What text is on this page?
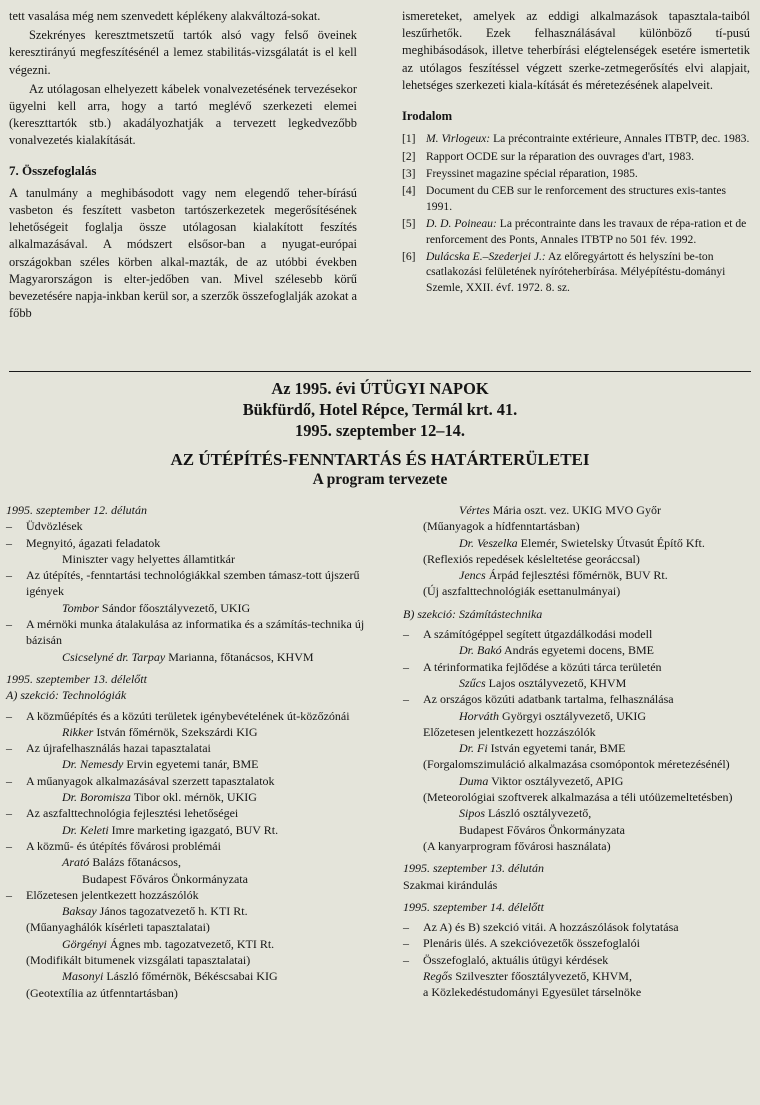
tett vasalása még nem szenvedett képlékeny alakváltozá-sokat.

Szekrényes keresztmetszetű tartók alsó vagy felső öveinek keresztirányú megfeszítésénél a lemez stabilitás-vizsgálatát is el kell végezni.

Az utólagosan elhelyezett kábelek vonalvezetésének tervezésekor ügyelni kell arra, hogy a tartó meglévő szerkezeti elemei (kereszttartók stb.) akadályozhatják a tervezett legkedvezőbb vonalvezetés kialakítását.

7. Összefoglalás

A tanulmány a meghibásodott vagy nem elegendő teher-bírású vasbeton és feszített vasbeton tartószerkezetek megerősítésének lehetőségeit foglalja össze utólagosan kialakított feszítés alkalmazásával. A módszert elsősor-ban a nyugat-európai országokban széles körben alkal-mazták, de az utóbbi években Magyarországon is elter-jedőben van. Mivel szélesebb körű bevezetésére napja-inkban kerül sor, a szerzők összefoglalják azokat a főbb

ismereteket, amelyek az eddigi alkalmazások tapasztala-taiból leszűrhetők. Ezek felhasználásával különböző tí-pusú meghibásodások, illetve teherbírási elégtelenségek esetére ismertetik az utólagos feszítéssel végzett szerke-zetmegerősítés elvi alapjait, lehetséges szerkezeti kiala-kítását és méretezésének alapelveit.

Irodalom
[1] M. Virlogeux: La précontrainte extérieure, Annales ITBTP, dec. 1983.
[2] Rapport OCDE sur la réparation des ouvrages d'art, 1983.
[3] Freyssinet magazine spécial réparation, 1985.
[4] Document du CEB sur le renforcement des structures exis-tantes 1991.
[5] D. D. Poineau: La précontrainte dans les travaux de répa-ration et de renforcement des Ponts, Annales ITBTP no 501 fév. 1992.
[6] Dulácska E.–Szederjei J.: Az előregyártott és helyszíni be-ton csatlakozási felületének nyíróteherbírása. Mélyépítéstu-dományi Szemle, XXII. évf. 1972. 8. sz.
Az 1995. évi ÚTÜGYI NAPOK
Bükfürdő, Hotel Répce, Termál krt. 41.
1995. szeptember 12–14.
AZ ÚTÉPÍTÉS-FENNTARTÁS ÉS HATÁRTERÜLETEI
A program tervezete
1995. szeptember 12. délután
–	Üdvözlések
–	Megnyitó, ágazati feladatok
Miniszter vagy helyettes államtitkár
–	Az útépítés, -fenntartási technológiákkal szemben támasz-tott újszerű igények
Tombor Sándor főosztályvezető, UKIG
–	A mérnöki munka átalakulása az informatika és a számítás-technika új bázisán
Csicselyné dr. Tarpay Marianna, főtanácsos, KHVM
1995. szeptember 13. délelőtt
A) szekció: Technológiák
–	A közműépítés és a közúti területek igénybevételének út-közőzónái
Rikker István főmérnök, Szekszárdi KIG
–	Az újrafelhasználás hazai tapasztalatai
Dr. Nemesdy Ervin egyetemi tanár, BME
–	A műanyagok alkalmazásával szerzett tapasztalatok
Dr. Boromisza Tibor okl. mérnök, UKIG
–	Az aszfalttechnológia fejlesztési lehetőségei
Dr. Keleti Imre marketing igazgató, BUV Rt.
–	A közmű- és útépítés fővárosi problémái
Arató Balázs főtanácsos,
Budapest Főváros Önkormányzata
–	Előzetesen jelentkezett hozzászólók
Baksay János tagozatvezető h. KTI Rt.
(Műanyaghálók kísérleti tapasztalatai)
Görgényi Ágnes mb. tagozatvezető, KTI Rt.
(Modifikált bitumenek vizsgálati tapasztalatai)
Masonyi László főmérnök, Békéscsabai KIG
(Geotextília az útfenntartásban)
Vértes Mária oszt. vez. UKIG MVO Győr
(Műanyagok a hídfenntartásban)
Dr. Veszelka Elemér, Swietelsky Útvasút Építő Kft.
(Reflexiós repedések késleltetése georáccsal)
Jencs Árpád fejlesztési főmérnök, BUV Rt.
(Új aszfalttechnológiák esettanulmányai)
B) szekció: Számítástechnika
–	A számítógéppel segített útgazdálkodási modell
Dr. Bakó András egyetemi docens, BME
–	A térinformatika fejlődése a közúti tárca területén
Szűcs Lajos osztályvezető, KHVM
–	Az országos közúti adatbank tartalma, felhasználása
Horváth Györgyi osztályvezető, UKIG
Előzetesen jelentkezett hozzászólók
Dr. Fi István egyetemi tanár, BME
(Forgalomszimuláció alkalmazása csomópontok méretezésénél)
Duma Viktor osztályvezető, APIG
(Meteorológiai szoftverek alkalmazása a téli utóüzemeltetésben)
Sipos László osztályvezető,
Budapest Főváros Önkormányzata
(A kanyarprogram fővárosi használata)
1995. szeptember 13. délután
Szakmai kirándulás
1995. szeptember 14. délelőtt
–	Az A) és B) szekció vitái. A hozzászólások folytatása
–	Plenáris ülés. A szekcióvezetők összefoglalói
–	Összefoglaló, aktuális útügyi kérdések
Regős Szilveszter főosztályvezető, KHVM,
a Közlekedéstudományi Egyesület társelnöke
